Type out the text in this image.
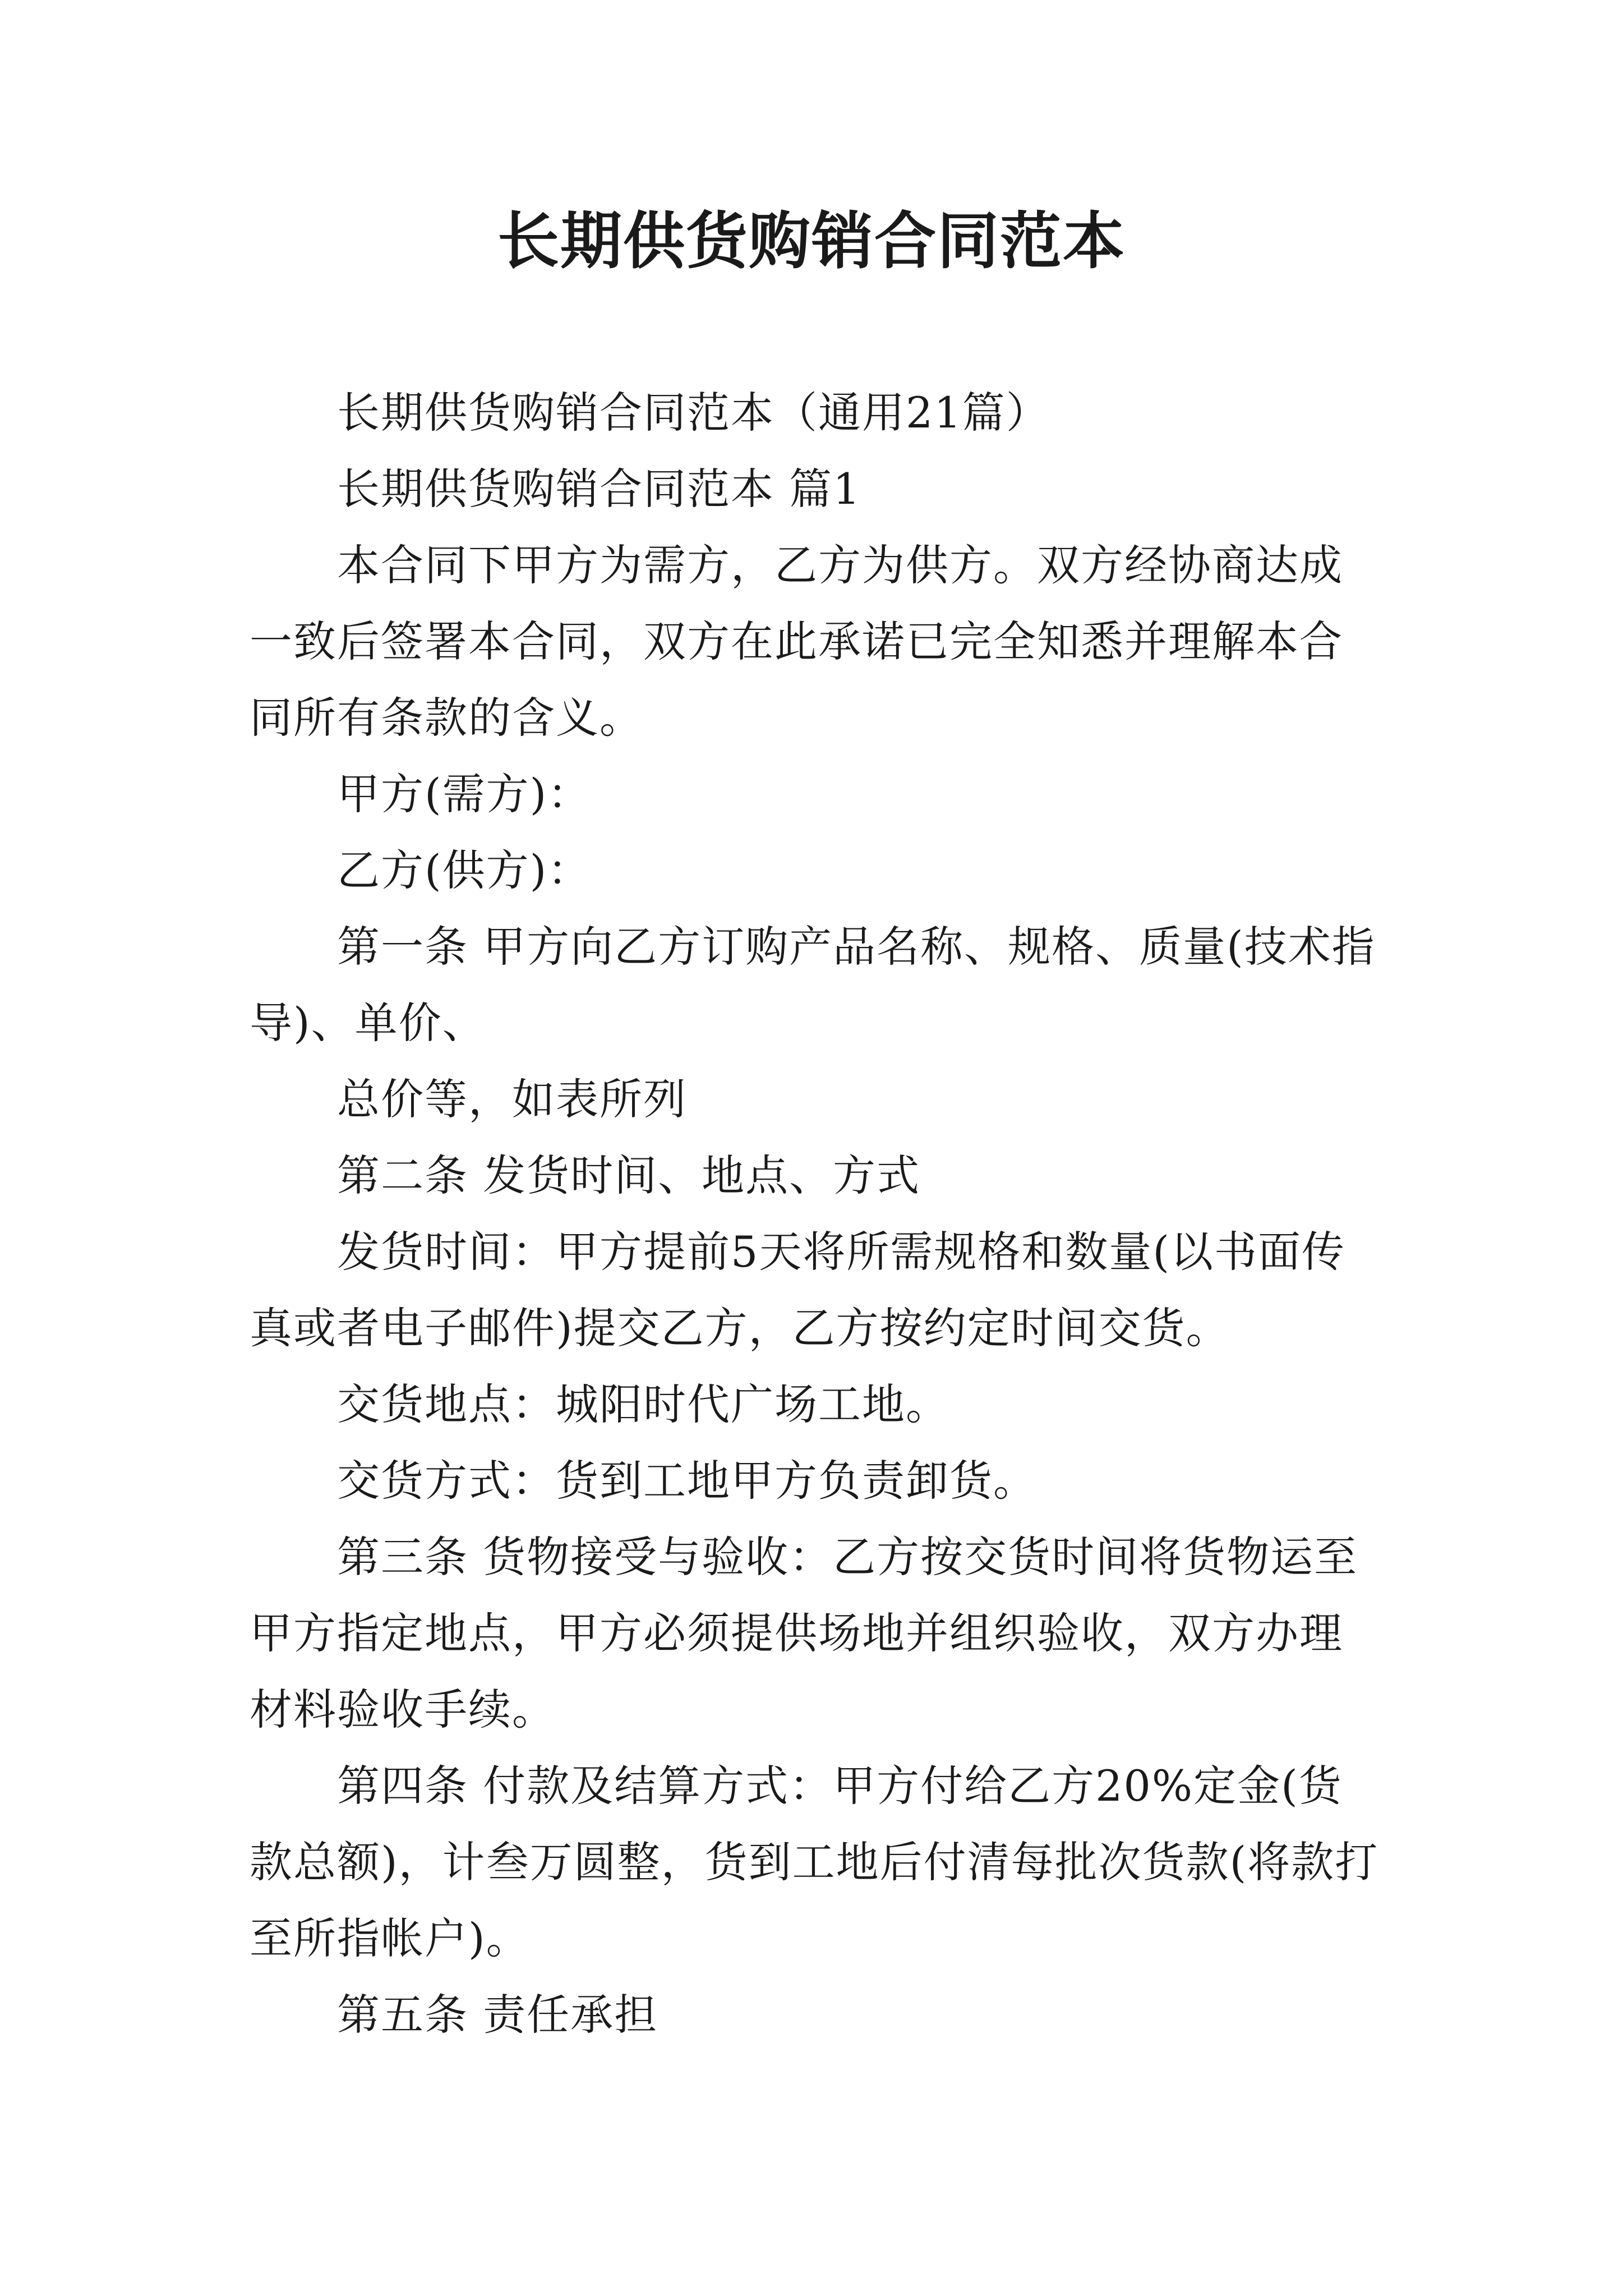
长期供货购销合同范本

长期供货购销合同范本（通用21篇）

长期供货购销合同范本 篇1

本合同下甲方为需方，乙方为供方。双方经协商达成一致后签署本合同，双方在此承诺已完全知悉并理解本合同所有条款的含义。

甲方(需方)：

乙方(供方)：

第一条 甲方向乙方订购产品名称、规格、质量(技术指导)、单价、

总价等，如表所列

第二条 发货时间、地点、方式

发货时间：甲方提前5天将所需规格和数量(以书面传真或者电子邮件)提交乙方，乙方按约定时间交货。

交货地点：城阳时代广场工地。

交货方式：货到工地甲方负责卸货。

第三条 货物接受与验收：乙方按交货时间将货物运至甲方指定地点，甲方必须提供场地并组织验收，双方办理材料验收手续。

第四条 付款及结算方式：甲方付给乙方20%定金(货款总额)，计叁万圆整，货到工地后付清每批次货款(将款打至所指帐户)。

第五条 责任承担
